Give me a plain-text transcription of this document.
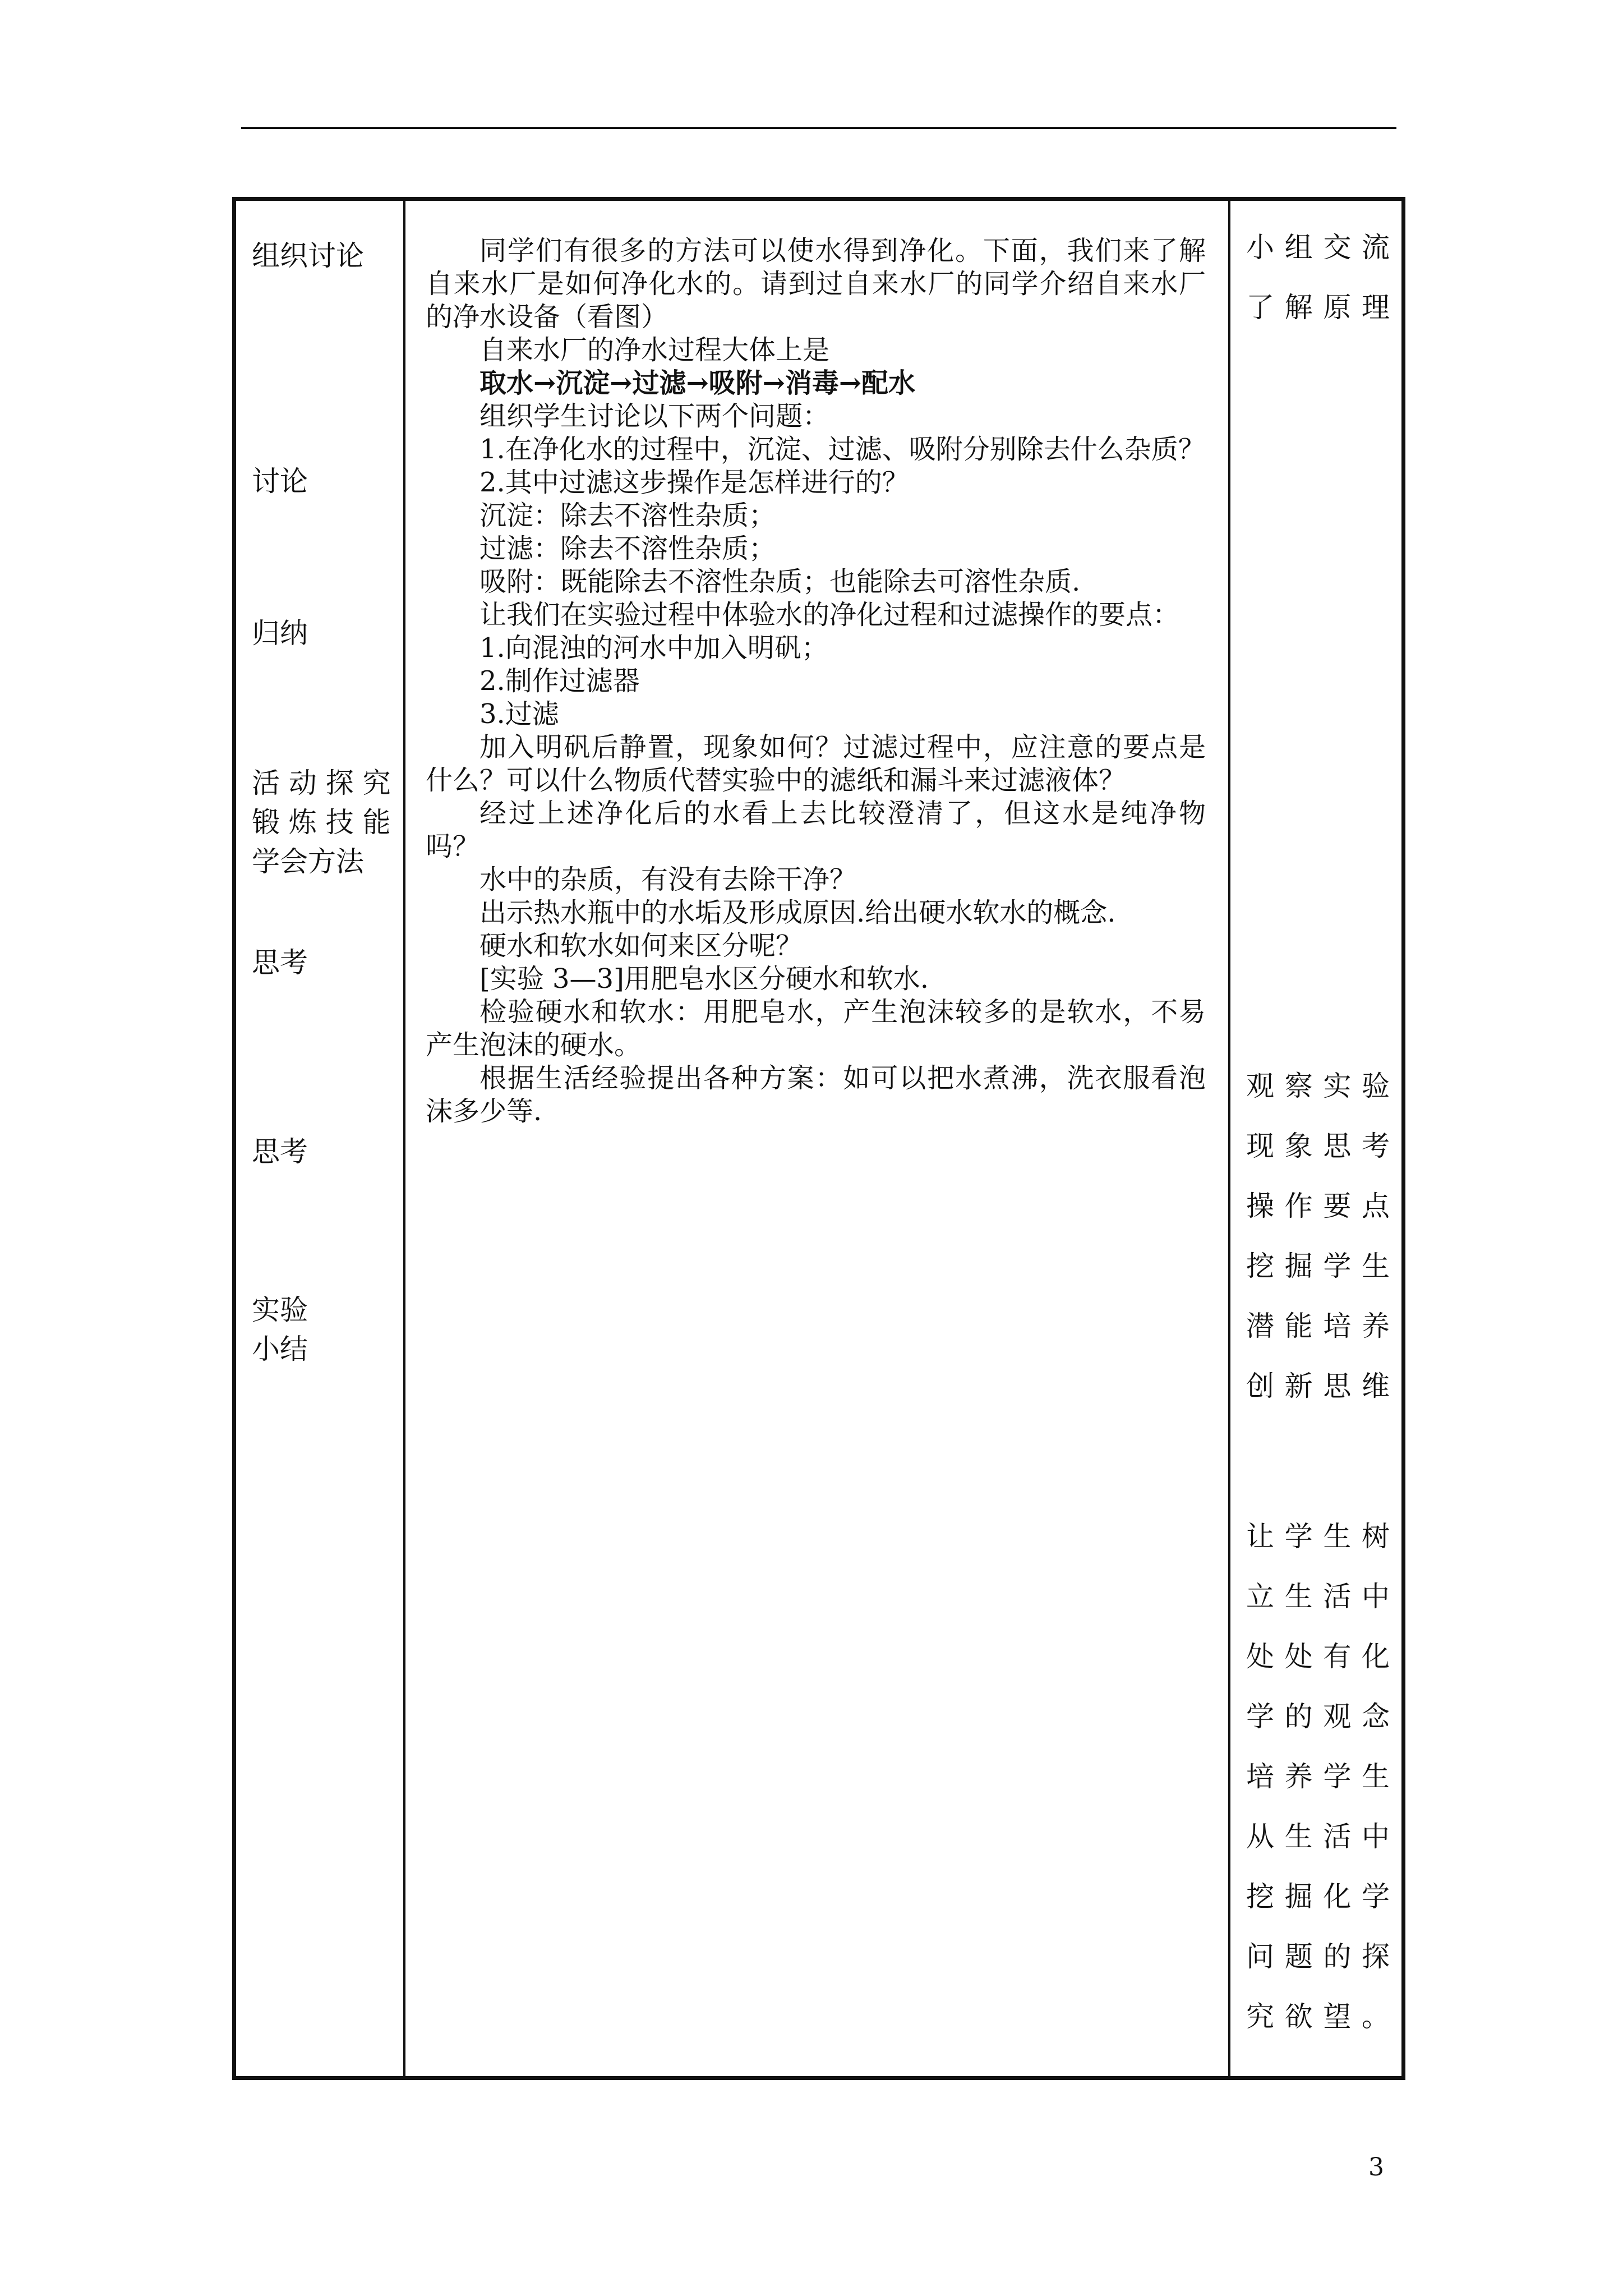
组织讨论
讨论
归纳
活 动 探 究
锻 炼 技 能
学会方法
思考
思考
实验
小结

同学们有很多的方法可以使水得到净化。下面，我们来了解自来水厂是如何净化水的。请到过自来水厂的同学介绍自来水厂的净水设备（看图）

自来水厂的净水过程大体上是

取水→沉淀→过滤→吸附→消毒→配水

组织学生讨论以下两个问题：

1.在净化水的过程中，沉淀、过滤、吸附分别除去什么杂质？

2.其中过滤这步操作是怎样进行的？

沉淀：除去不溶性杂质；

过滤：除去不溶性杂质；

吸附：既能除去不溶性杂质；也能除去可溶性杂质.

让我们在实验过程中体验水的净化过程和过滤操作的要点：

1.向混浊的河水中加入明矾；

2.制作过滤器

3.过滤

加入明矾后静置，现象如何？过滤过程中，应注意的要点是什么？可以什么物质代替实验中的滤纸和漏斗来过滤液体？

经过上述净化后的水看上去比较澄清了，但这水是纯净物吗？

水中的杂质，有没有去除干净？

出示热水瓶中的水垢及形成原因.给出硬水软水的概念.

硬水和软水如何来区分呢？

[实验 3—3]用肥皂水区分硬水和软水.

检验硬水和软水：用肥皂水，产生泡沫较多的是软水，不易产生泡沫的硬水。

根据生活经验提出各种方案：如可以把水煮沸，洗衣服看泡沫多少等.

小组交流
了解原理
观察实验
现象思考
操作要点
挖掘学生
潜能培养
创新思维
让学生树
立生活中
处处有化
学的观念
培养学生
从生活中
挖掘化学
问题的探
究欲望。
3
